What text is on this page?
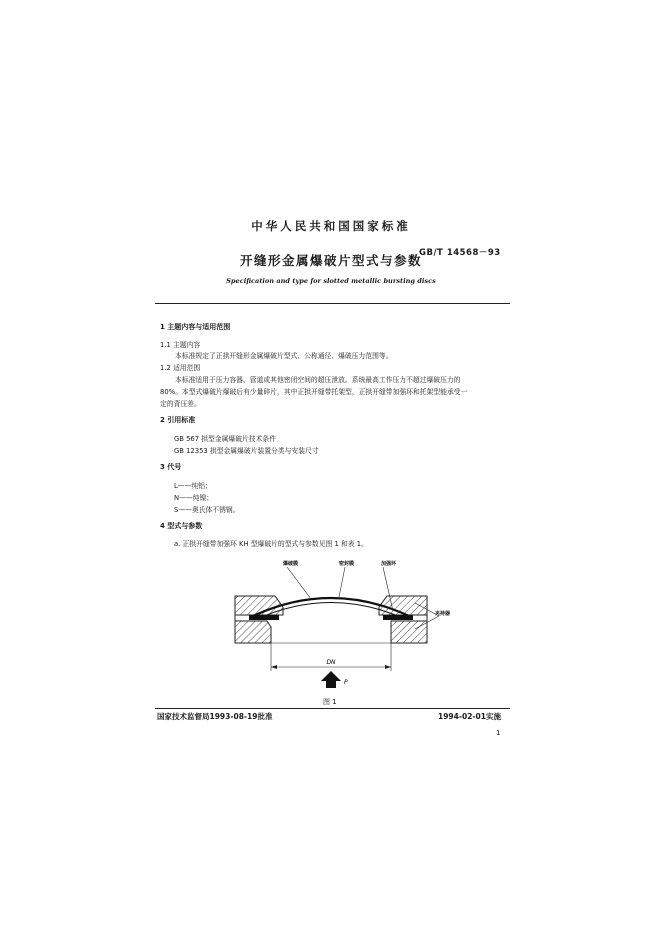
中华人民共和国国家标准
GB/T 14568－93
开缝形金属爆破片型式与参数
Specification and type for slotted metallic bursting discs
1 主题内容与适用范围
1.1 主题内容
本标准规定了正拱开缝形金属爆破片型式、公称通径、爆破压力范围等。
1.2 适用范围
本标准适用于压力容器、管道或其他密闭空间的超压泄放。系统最高工作压力不超过爆破压力的
80%。本型式爆破片爆破后有少量碎片，其中正拱开缝带托架型，正拱开缝带加强环和托架型能承受一
定的背压差。
2 引用标准
GB 567 拱型金属爆破片技术条件
GB 12353 拱型金属爆破片装置分类与安装尺寸
3 代号
L——纯铝；
N——纯镍；
S——奥氏体不锈钢。
4 型式与参数
a. 正拱开缝带加强环 KH 型爆破片的型式与参数见图 1 和表 1。
DN
P
爆破膜	密封膜	加强环
夹持器
图 1
国家技术监督局1993-08-19批准	1994-02-01实施
1
